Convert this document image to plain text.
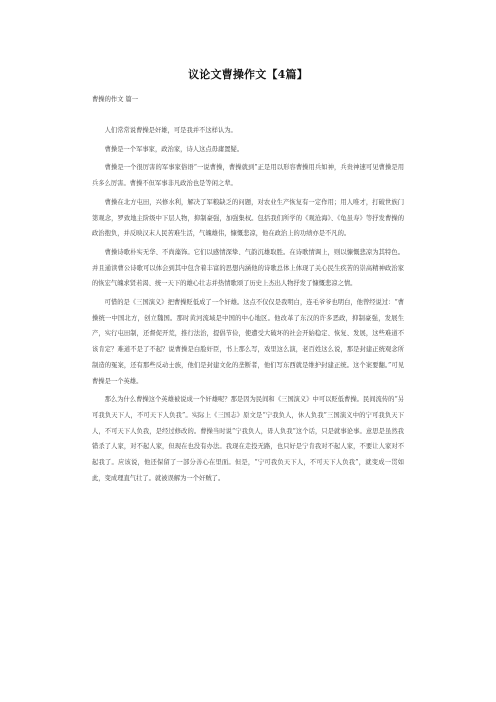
议论文曹操作文【4篇】
曹操的作文 篇一

人们常常说曹操是奸雄，可是我并不这样认为。

曹操是一个军事家，政治家，诗人这点毋庸置疑。

曹操是一个很厉害的军事家俗语“一说曹操，曹操就到”正是用以形容曹操用兵如神，兵贵神速可见曹操是用兵多么厉害。曹操不但军事非凡政治也是等闲之辈。

曹操在北方屯田，兴修水利，解决了军粮缺乏的问题，对农业生产恢复有一定作用；用人唯才，打破世族门第观念，罗致地主阶级中下层人物，抑制豪强，加强集权。包括我们所学的《观沧海》、《龟虽寿》等抒发曹操的政治抱负，并反映汉末人民苦难生活，气魄雄伟，慷慨悲凉，他在政治上的功绩亦是不凡的。

曹操诗歌朴实无华、不尚藻饰。它们以感情深挚、气韵沉雄取胜。在诗歌情调上，则以慷慨悲凉为其特色。并且通读曹公诗歌可以体会到其中包含着丰富的思想内涵他的诗歌总体上体现了关心民生疾苦的崇高精神政治家的恢宏气魄求贤若渴、统一天下的雄心壮志并热情歌颂了历史上杰出人物抒发了慷慨悲凉之情。

可惜的是《三国演义》把曹操贬低成了一个奸雄。这点不仅仅是我明白，连毛爷爷也明白，他曾经说过：“曹操统一中国北方，创立魏国。那时黄河流域是中国的中心地区。他改革了东汉的许多恶政，抑制豪强，发展生产，实行屯田制，还督促开荒，推行法治，提倡节俭，使遭受大破坏的社会开始稳定、恢复、发展，这些难道不该肯定？难道不是了不起？说曹操是白脸奸臣，书上那么写，戏里这么演，老百姓这么说，那是封建正统观念所制造的冤案，还有那些反动士族，他们是封建文化的垄断者，他们写东西就是维护封建正统。这个案要翻。”可见曹操是一个英雄。

那么为什么曹操这个英雄被说成一个奸雄呢？那是因为民间和《三国演义》中可以贬低曹操。民间流传的“另可我负天下人，不可天下人负我”。实际上《三国志》原文是“宁我负人，休人负我”三国演义中的宁可我负天下人，不可天下人负我，是经过修改的。曹操当时说“宁我负人，毋人负我”这个话，只是就事论事。意思是虽然我错杀了人家，对不起人家，但现在也没有办法。我现在走投无路，也只好是宁肯我对不起人家，不要让人家对不起我了。应该说，他还保留了一部分善心在里面。但是，“宁可我负天下人，不可天下人负我”，就变成一贯如此，变成理直气壮了。就被误解为一个奸贼了。
